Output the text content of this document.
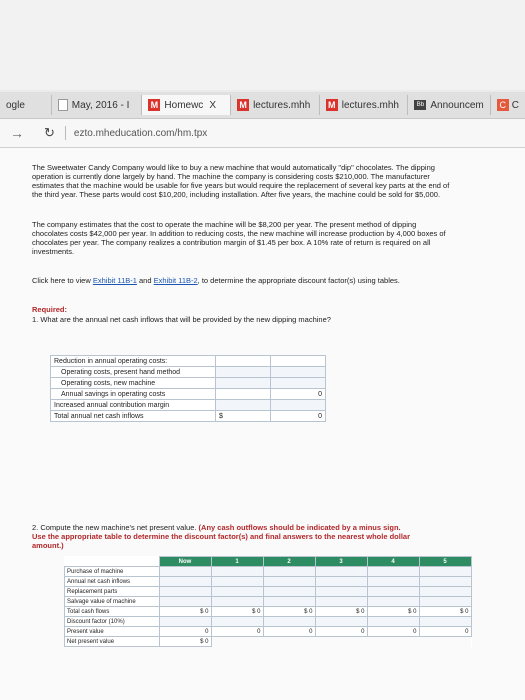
ogle	May, 2016 - I M Homewc X	M lectures.mhh M lectures.mhh	Bb Announcem	C C
→ ↻ ezto.mheducation.com/hm.tpx
The Sweetwater Candy Company would like to buy a new machine that would automatically "dip" chocolates. The dipping operation is currently done largely by hand. The machine the company is considering costs $210,000. The manufacturer estimates that the machine would be usable for five years but would require the replacement of several key parts at the end of the third year. These parts would cost $10,200, including installation. After five years, the machine could be sold for $5,000.
The company estimates that the cost to operate the machine will be $8,200 per year. The present method of dipping chocolates costs $42,000 per year. In addition to reducing costs, the new machine will increase production by 4,000 boxes of chocolates per year. The company realizes a contribution margin of $1.45 per box. A 10% rate of return is required on all investments.
Click here to view Exhibit 11B-1 and Exhibit 11B-2, to determine the appropriate discount factor(s) using tables.
Required:
1. What are the annual net cash inflows that will be provided by the new dipping machine?
2. Compute the new machine's net present value. (Any cash outflows should be indicated by a minus sign. Use the appropriate table to determine the discount factor(s) and final answers to the nearest whole dollar amount.)
Reduction in annual operating costs:		
Operating costs, present hand method		
Operating costs, new machine		
Annual savings in operating costs		0
Increased annual contribution margin		
Total annual net cash inflows	$	0
	Now	1	2	3	4	5
Purchase of machine						
Annual net cash inflows						
Replacement parts						
Salvage value of machine						
Total cash flows	$ 0	$ 0	$ 0	$ 0	$ 0	$ 0
Discount factor (10%)						
Present value	0	0	0	0	0	0
Net present value	$ 0					
